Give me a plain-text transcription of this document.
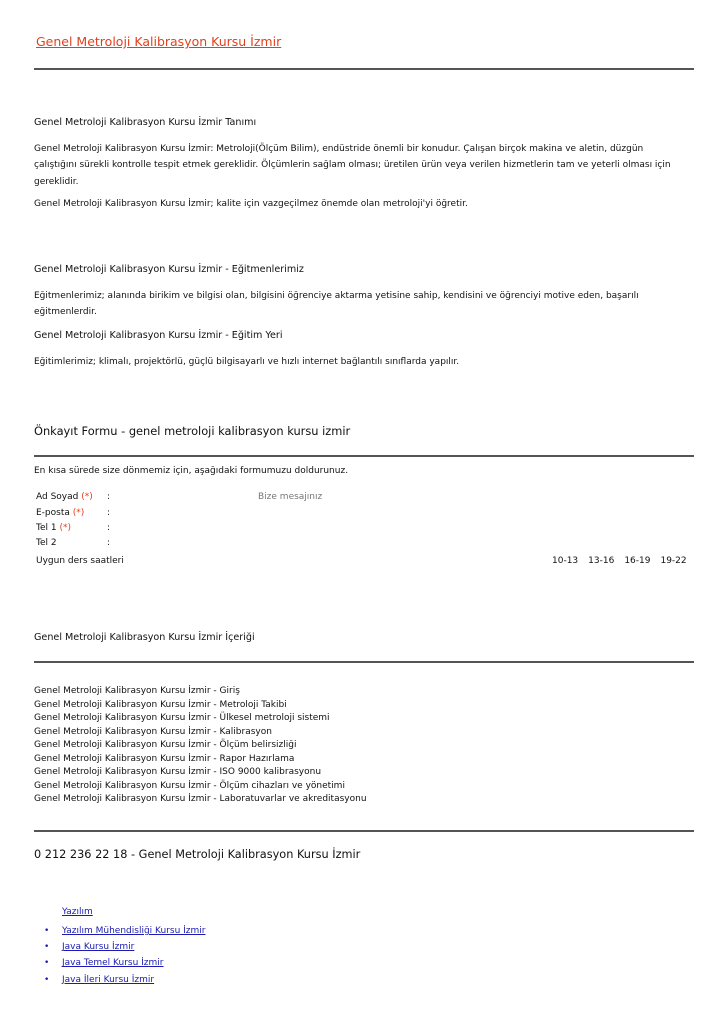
Genel Metroloji Kalibrasyon Kursu İzmir
Genel Metroloji Kalibrasyon Kursu İzmir Tanımı
Genel Metroloji Kalibrasyon Kursu İzmir: Metroloji(Ölçüm Bilim), endüstride önemli bir konudur. Çalışan birçok makina ve aletin, düzgün
çalıştığını sürekli kontrolle tespit etmek gereklidir. Ölçümlerin sağlam olması; üretilen ürün veya verilen hizmetlerin tam ve yeterli olması için
gereklidir.
Genel Metroloji Kalibrasyon Kursu İzmir; kalite için vazgeçilmez önemde olan metroloji'yi öğretir.
Genel Metroloji Kalibrasyon Kursu İzmir - Eğitmenlerimiz
Eğitmenlerimiz; alanında birikim ve bilgisi olan, bilgisini öğrenciye aktarma yetisine sahip, kendisini ve öğrenciyi motive eden, başarılı
eğitmenlerdir.
Genel Metroloji Kalibrasyon Kursu İzmir - Eğitim Yeri
Eğitimlerimiz; klimalı, projektörlü, güçlü bilgisayarlı ve hızlı internet bağlantılı sınıflarda yapılır.
Önkayıt Formu - genel metroloji kalibrasyon kursu izmir
En kısa sürede size dönmemiz için, aşağıdaki formumuzu doldurunuz.
Ad Soyad (*) :
E-posta (*)	:
Tel 1 (*)	:
Tel 2	:
Bize mesajınız
Uygun ders saatleri	10-13 13-16 16-19 19-22
Genel Metroloji Kalibrasyon Kursu İzmir İçeriği
Genel Metroloji Kalibrasyon Kursu İzmir - Giriş
Genel Metroloji Kalibrasyon Kursu İzmir - Metroloji Takibi
Genel Metroloji Kalibrasyon Kursu İzmir - Ülkesel metroloji sistemi
Genel Metroloji Kalibrasyon Kursu İzmir - Kalibrasyon
Genel Metroloji Kalibrasyon Kursu İzmir - Ölçüm belirsizliği
Genel Metroloji Kalibrasyon Kursu İzmir - Rapor Hazırlama
Genel Metroloji Kalibrasyon Kursu İzmir - ISO 9000 kalibrasyonu
Genel Metroloji Kalibrasyon Kursu İzmir - Ölçüm cihazları ve yönetimi
Genel Metroloji Kalibrasyon Kursu İzmir - Laboratuvarlar ve akreditasyonu
0 212 236 22 18 - Genel Metroloji Kalibrasyon Kursu İzmir
Yazılım
• Yazılım Mühendisliği Kursu İzmir
• Java Kursu İzmir
• Java Temel Kursu İzmir
• Java İleri Kursu İzmir
